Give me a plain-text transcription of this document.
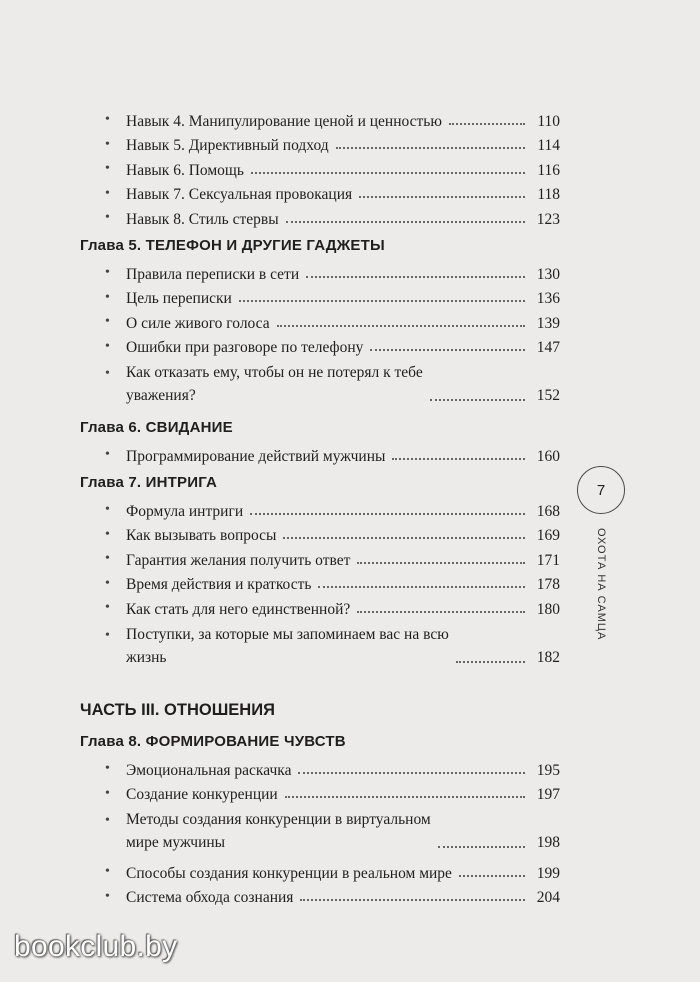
• Навык 4. Манипулирование ценой и ценностью	110
• Навык 5. Директивный подход	114
• Навык 6. Помощь	116
• Навык 7. Сексуальная провокация	118
• Навык 8. Стиль стервы	123
Глава 5. ТЕЛЕФОН И ДРУГИЕ ГАДЖЕТЫ
• Правила переписки в сети	130
• Цель переписки	136
• О силе живого голоса	139
• Ошибки при разговоре по телефону	147
• Как отказать ему, чтобы он не потерял к тебе
уважения?	152
Глава 6. СВИДАНИЕ
• Программирование действий мужчины	160
Глава 7. ИНТРИГА
• Формула интриги	168
• Как вызывать вопросы	169
• Гарантия желания получить ответ	171
• Время действия и краткость	178
• Как стать для него единственной?	180
• Поступки, за которые мы запоминаем вас на всю
жизнь	182
ЧАСТЬ III. ОТНОШЕНИЯ
Глава 8. ФОРМИРОВАНИЕ ЧУВСТВ
• Эмоциональная раскачка	195
• Создание конкуренции	197
• Методы создания конкуренции в виртуальном
мире мужчины	198
• Способы создания конкуренции в реальном мире	199
• Система обхода сознания	204
7
ОХОТА НА САМЦА
bookclub.by
